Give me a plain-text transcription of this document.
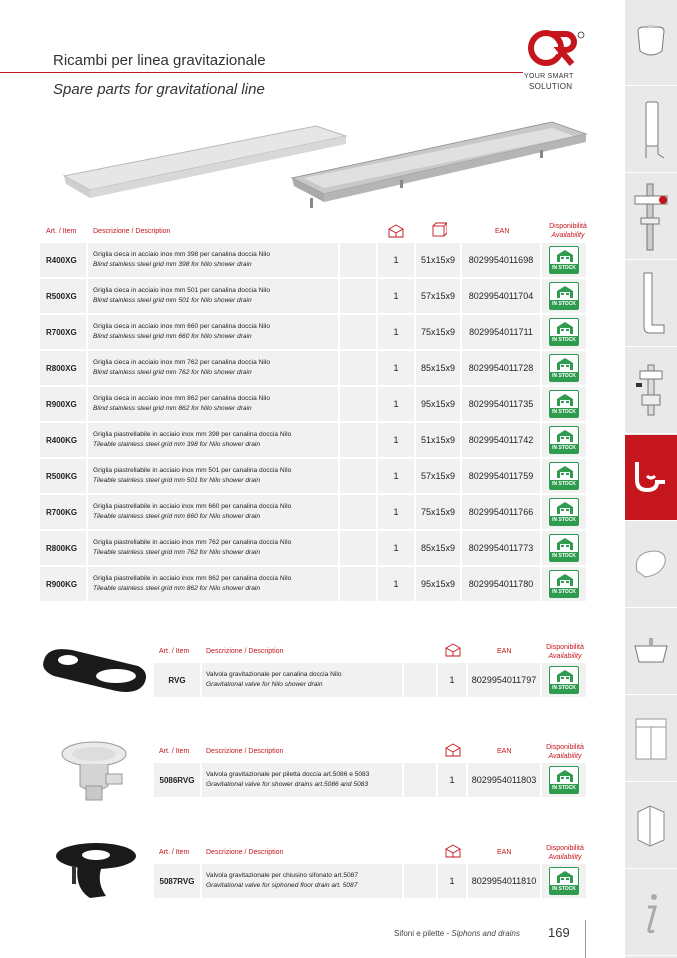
Ricambi per linea gravitazionale
Spare parts for gravitational line
YOUR SMART
SOLUTION
Art. / Item Descrizione / Description	EAN
Disponibilità
Availability
R400XG
Griglia cieca in acciaio inox mm 398 per canalina doccia Nilo
Blind stainless steel grid mm 398 for Nilo shower drain	1	51x15x9	8029954011698
IN STOCK
R500XG
Griglia cieca in acciaio inox mm 501 per canalina doccia Nilo
Blind stainless steel grid mm 501 for Nilo shower drain	1	57x15x9	8029954011704
IN STOCK
R700XG
Griglia cieca in acciaio inox mm 660 per canalina doccia Nilo
Blind stainless steel grid mm 660 for Nilo shower drain	1	75x15x9	8029954011711
IN STOCK
R800XG
Griglia cieca in acciaio inox mm 762 per canalina doccia Nilo
Blind stainless steel grid mm 762 for Nilo shower drain	1	85x15x9	8029954011728
IN STOCK
R900XG
Griglia cieca in acciaio inox mm 862 per canalina doccia Nilo
Blind stainless steel grid mm 862 for Nilo shower drain	1	95x15x9	8029954011735
IN STOCK
R400KG
Griglia piastrellabile in acciaio inox mm 398 per canalina doccia Nilo
Tileable stainless steel grid mm 398 for Nilo shower drain	1	51x15x9	8029954011742
IN STOCK
R500KG
Griglia piastrellabile in acciaio inox mm 501 per canalina doccia Nilo
Tileable stainless steel grid mm 501 for Nilo shower drain	1	57x15x9	8029954011759
IN STOCK
R700KG
Griglia piastrellabile in acciaio inox mm 660 per canalina doccia Nilo
Tileable stainless steel grid mm 660 for Nilo shower drain	1	75x15x9	8029954011766
IN STOCK
R800KG
Griglia piastrellabile in acciaio inox mm 762 per canalina doccia Nilo
Tileable stainless steel grid mm 762 for Nilo shower drain	1	85x15x9	8029954011773
IN STOCK
R900KG
Griglia piastrellabile in acciaio inox mm 862 per canalina doccia Nilo
Tileable stainless steel grid mm 862 for Nilo shower drain	1	95x15x9	8029954011780
IN STOCK
Art. / Item Descrizione / Description	EAN
Disponibilità
Availability
RVG
Valvola gravitazionale per canalina doccia Nilo
Gravitational valve for Nilo shower drain	1	8029954011797
IN STOCK
Art. / Item Descrizione / Description	EAN
Disponibilità
Availability
5086RVG
Valvola gravitazionale per piletta doccia art.5086 e 5083
Gravitational valve for shower drains art.5086 and 5083	1	8029954011803
IN STOCK
Art. / Item Descrizione / Description	EAN
Disponibilità
Availability
5087RVG
Valvola gravitazionale per chiusino sifonato art.5087
Gravitational valve for siphoned floor drain art. 5087	1	8029954011810
IN STOCK
Sifoni e pilette - Siphons and drains 169
